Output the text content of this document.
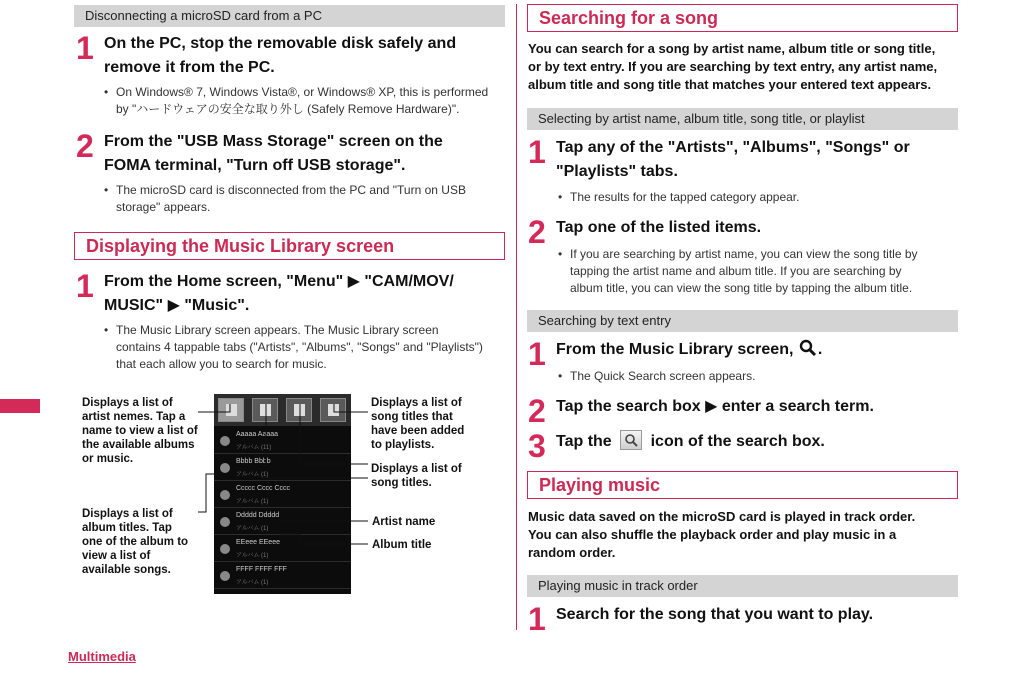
Disconnecting a microSD card from a PC
1 On the PC, stop the removable disk safely and
remove it from the PC.
• On Windows® 7, Windows Vista®, or Windows® XP, this is performed
by "ハードウェアの安全な取り外し (Safely Remove Hardware)".
2 From the "USB Mass Storage" screen on the
FOMA terminal, "Turn off USB storage".
• The microSD card is disconnected from the PC and "Turn on USB
storage" appears.
Displaying the Music Library screen
1 From the Home screen, "Menu" ▶ "CAM/MOV/
MUSIC" ▶ "Music".
• The Music Library screen appears. The Music Library screen
contains 4 tappable tabs ("Artists", "Albums", "Songs" and "Playlists")
that each allow you to search for music.
Aaaaa Aaaaa
アルバム (11)
Bbbb Bbbb
アルバム (1)
Ccccc Cccc Cccc
アルバム (1)
Ddddd Ddddd
アルバム (1)
EEeee EEeee
アルバム (1)
FFFF FFFF FFF
アルバム (1)
Displays a list of
artist nemes. Tap a
name to view a list of
the available albums
or music.
Displays a list of
album titles. Tap
one of the album to
view a list of
available songs.
Displays a list of
song titles that
have been added
to playlists.
Displays a list of
song titles.
Artist name
Album title
Multimedia
Searching for a song
You can search for a song by artist name, album title or song title,
or by text entry. If you are searching by text entry, any artist name,
album title and song title that matches your entered text appears.
Selecting by artist name, album title, song title, or playlist
1 Tap any of the "Artists", "Albums", "Songs" or
"Playlists" tabs.
• The results for the tapped category appear.
2 Tap one of the listed items.
• If you are searching by artist name, you can view the song title by
tapping the artist name and album title. If you are searching by
album title, you can view the song title by tapping the album title.
Searching by text entry
1 From the Music Library screen, .
• The Quick Search screen appears.
2 Tap the search box ▶ enter a search term.
3 Tap the icon of the search box.
Playing music
Music data saved on the microSD card is played in track order.
You can also shuffle the playback order and play music in a
random order.
Playing music in track order
1 Search for the song that you want to play.
